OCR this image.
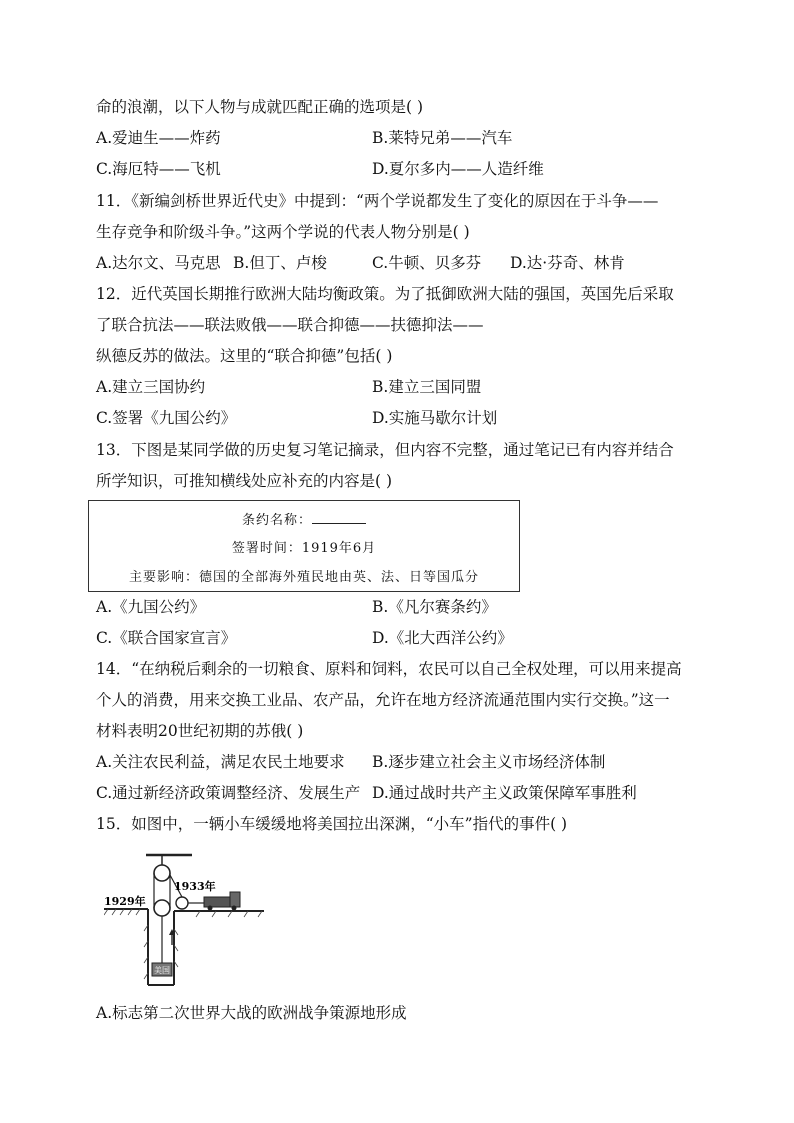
命的浪潮，以下人物与成就匹配正确的选项是( )
A.爱迪生——炸药	B.莱特兄弟——汽车
C.海厄特——飞机	D.夏尔多内——人造纤维
11．《新编剑桥世界近代史》中提到：“两个学说都发生了变化的原因在于斗争——
生存竞争和阶级斗争。”这两个学说的代表人物分别是( )
A.达尔文、马克思 B.但丁、卢梭	C.牛顿、贝多芬 D.达·芬奇、林肯
12．近代英国长期推行欧洲大陆均衡政策。为了抵御欧洲大陆的强国，英国先后采取
了联合抗法——联法败俄——联合抑德——扶德抑法——
纵德反苏的做法。这里的“联合抑德”包括( )
A.建立三国协约	B.建立三国同盟
C.签署《九国公约》	D.实施马歇尔计划
13．下图是某同学做的历史复习笔记摘录，但内容不完整，通过笔记已有内容并结合
所学知识，可推知横线处应补充的内容是( )
条约名称：
签署时间：1919年6月
主要影响：德国的全部海外殖民地由英、法、日等国瓜分
A.《九国公约》	B.《凡尔赛条约》
C.《联合国家宣言》	D.《北大西洋公约》
14．“在纳税后剩余的一切粮食、原料和饲料，农民可以自己全权处理，可以用来提高
个人的消费，用来交换工业品、农产品，允许在地方经济流通范围内实行交换。”这一
材料表明20世纪初期的苏俄( )
A.关注农民利益，满足农民土地要求 B.逐步建立社会主义市场经济体制
C.通过新经济政策调整经济、发展生产 D.通过战时共产主义政策保障军事胜利
15．如图中，一辆小车缓缓地将美国拉出深渊，“小车”指代的事件( )
美国
1929年
1933年
A.标志第二次世界大战的欧洲战争策源地形成
